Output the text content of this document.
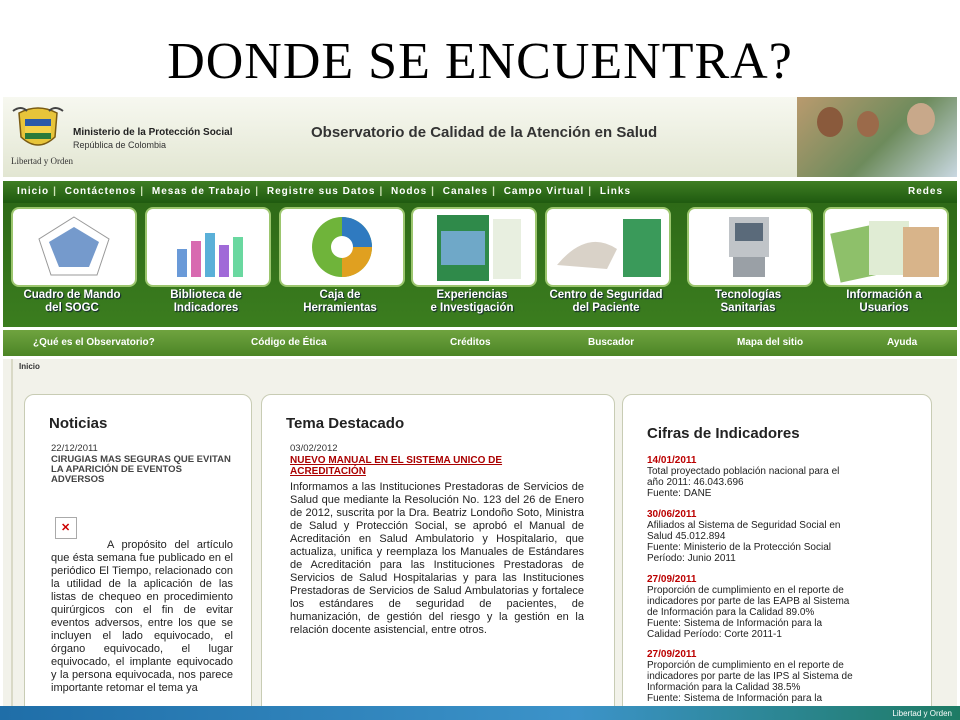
DONDE SE ENCUENTRA?
Libertad y Orden
Ministerio de la Protección Social
República de Colombia
Observatorio de Calidad de la Atención en Salud
Inicio | Contáctenos | Mesas de Trabajo | Registre sus Datos | Nodos | Canales | Campo Virtual | Links	Redes
Cuadro de Mando
del SOGC
Biblioteca de
Indicadores
Caja de
Herramientas
Experiencias
e Investigación
Centro de Seguridad
del Paciente
Tecnologías
Sanitarias
Información a
Usuarios
¿Qué es el Observatorio?	Código de Ética	Créditos	Buscador	Mapa del sitio	Ayuda
Inicio
Noticias
22/12/2011
CIRUGIAS MAS SEGURAS QUE EVITAN LA APARICIÓN DE EVENTOS ADVERSOS
✕
A propósito del artículo que ésta semana fue publicado en el periódico El Tiempo, relacionado con la utilidad de la aplicación de las listas de chequeo en procedimiento quirúrgicos con el fin de evitar eventos adversos, entre los que se incluyen el lado equivocado, el órgano equivocado, el lugar equivocado, el implante equivocado y la persona equivocada, nos parece importante retomar el tema ya
Tema Destacado
03/02/2012
NUEVO MANUAL EN EL SISTEMA UNICO DE ACREDITACIÓN
Informamos a las Instituciones Prestadoras de Servicios de Salud que mediante la Resolución No. 123 del 26 de Enero de 2012, suscrita por la Dra. Beatriz Londoño Soto, Ministra de Salud y Protección Social, se aprobó el Manual de Acreditación en Salud Ambulatorio y Hospitalario, que actualiza, unifica y reemplaza los Manuales de Estándares de Acreditación para las Instituciones Prestadoras de Servicios de Salud Hospitalarias y para las Instituciones Prestadoras de Servicios de Salud Ambulatorias y fortalece los estándares de seguridad de pacientes, de humanización, de gestión del riesgo y la gestión en la relación docente asistencial, entre otros.
Cifras de Indicadores
14/01/2011
Total proyectado población nacional para el
año 2011: 46.043.696
Fuente: DANE
30/06/2011
Afiliados al Sistema de Seguridad Social en
Salud 45.012.894
Fuente: Ministerio de la Protección Social
Período: Junio 2011
27/09/2011
Proporción de cumplimiento en el reporte de
indicadores por parte de las EAPB al Sistema
de Información para la Calidad 89.0%
Fuente: Sistema de Información para la
Calidad Período: Corte 2011-1
27/09/2011
Proporción de cumplimiento en el reporte de
indicadores por parte de las IPS al Sistema de
Información para la Calidad 38.5%
Fuente: Sistema de Información para la
Libertad y Orden
